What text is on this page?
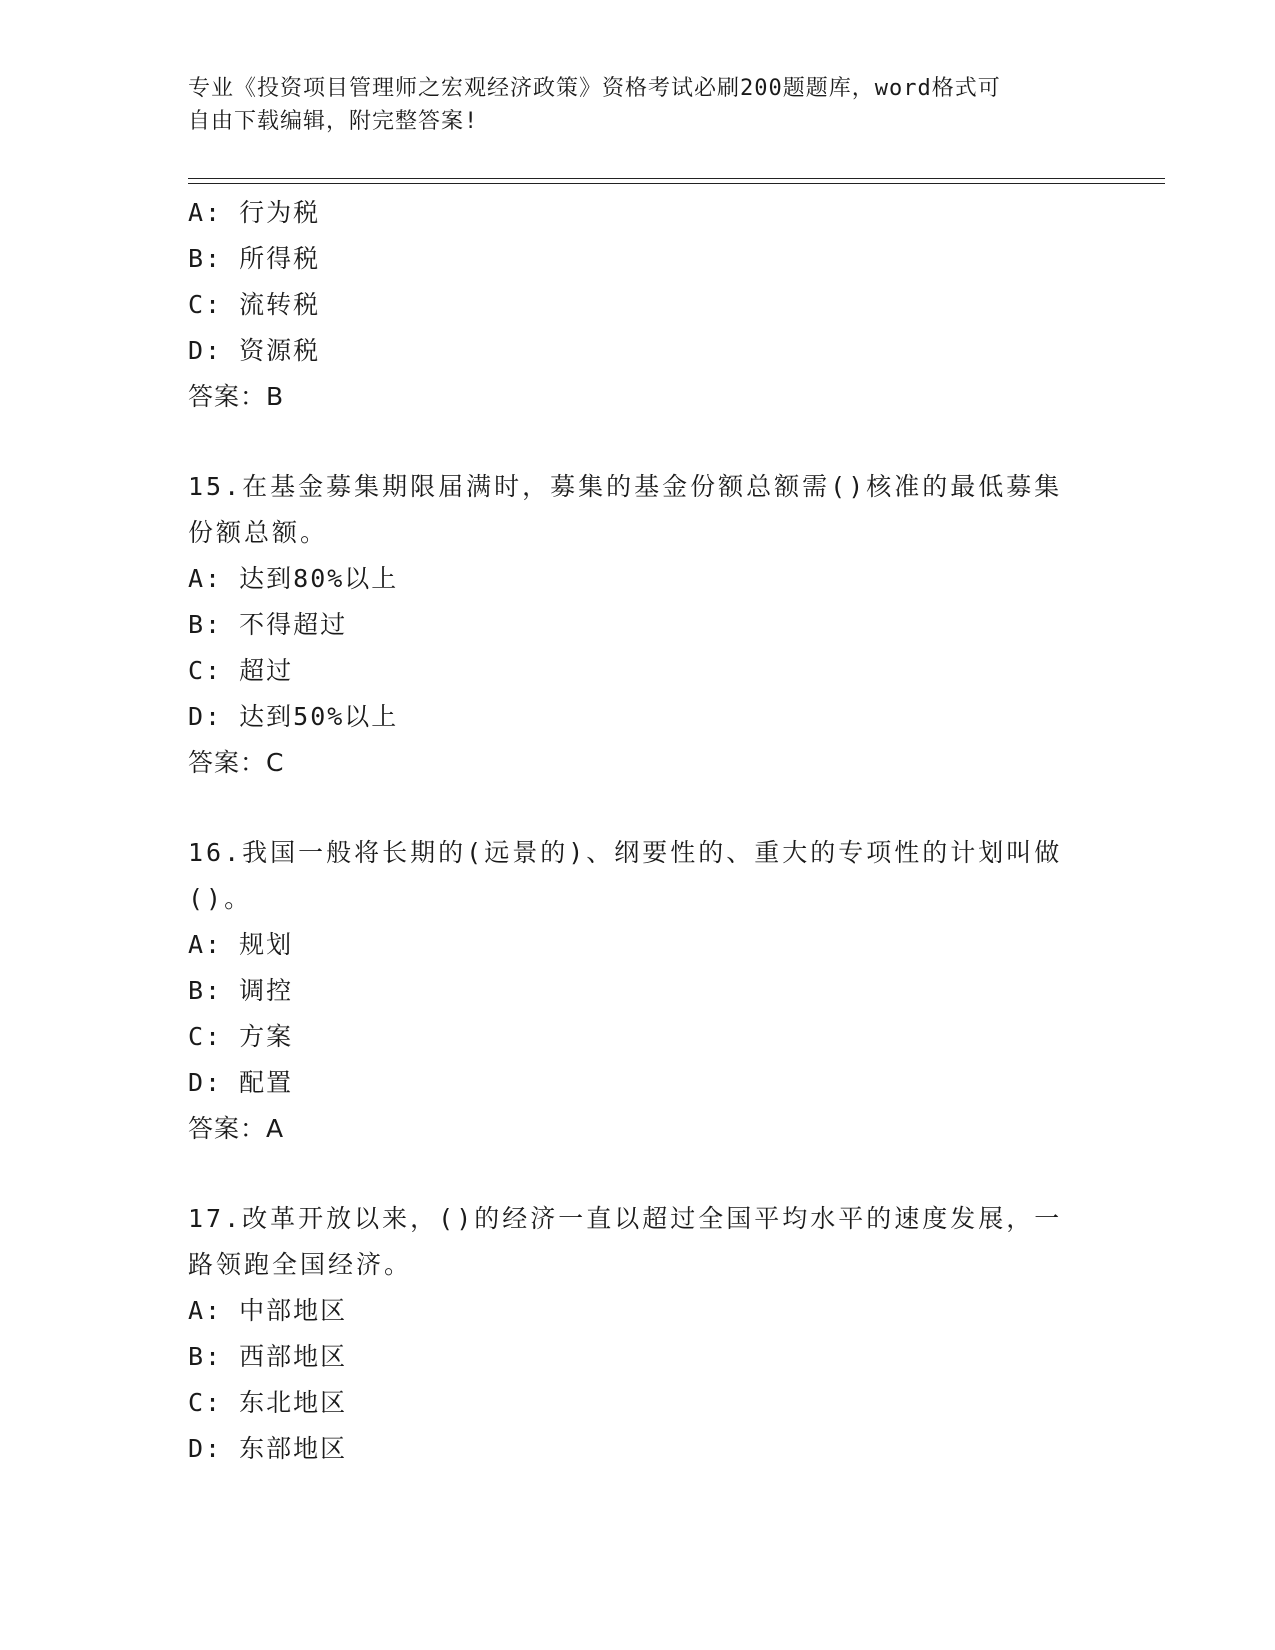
专业《投资项目管理师之宏观经济政策》资格考试必刷200题题库，word格式可
自由下载编辑，附完整答案!
A: 行为税
B: 所得税
C: 流转税
D: 资源税
答案：B
15.在基金募集期限届满时，募集的基金份额总额需()核准的最低募集
份额总额。
A: 达到80%以上
B: 不得超过
C: 超过
D: 达到50%以上
答案：C
16.我国一般将长期的(远景的)、纲要性的、重大的专项性的计划叫做
()。
A: 规划
B: 调控
C: 方案
D: 配置
答案：A
17.改革开放以来，()的经济一直以超过全国平均水平的速度发展，一
路领跑全国经济。
A: 中部地区
B: 西部地区
C: 东北地区
D: 东部地区
